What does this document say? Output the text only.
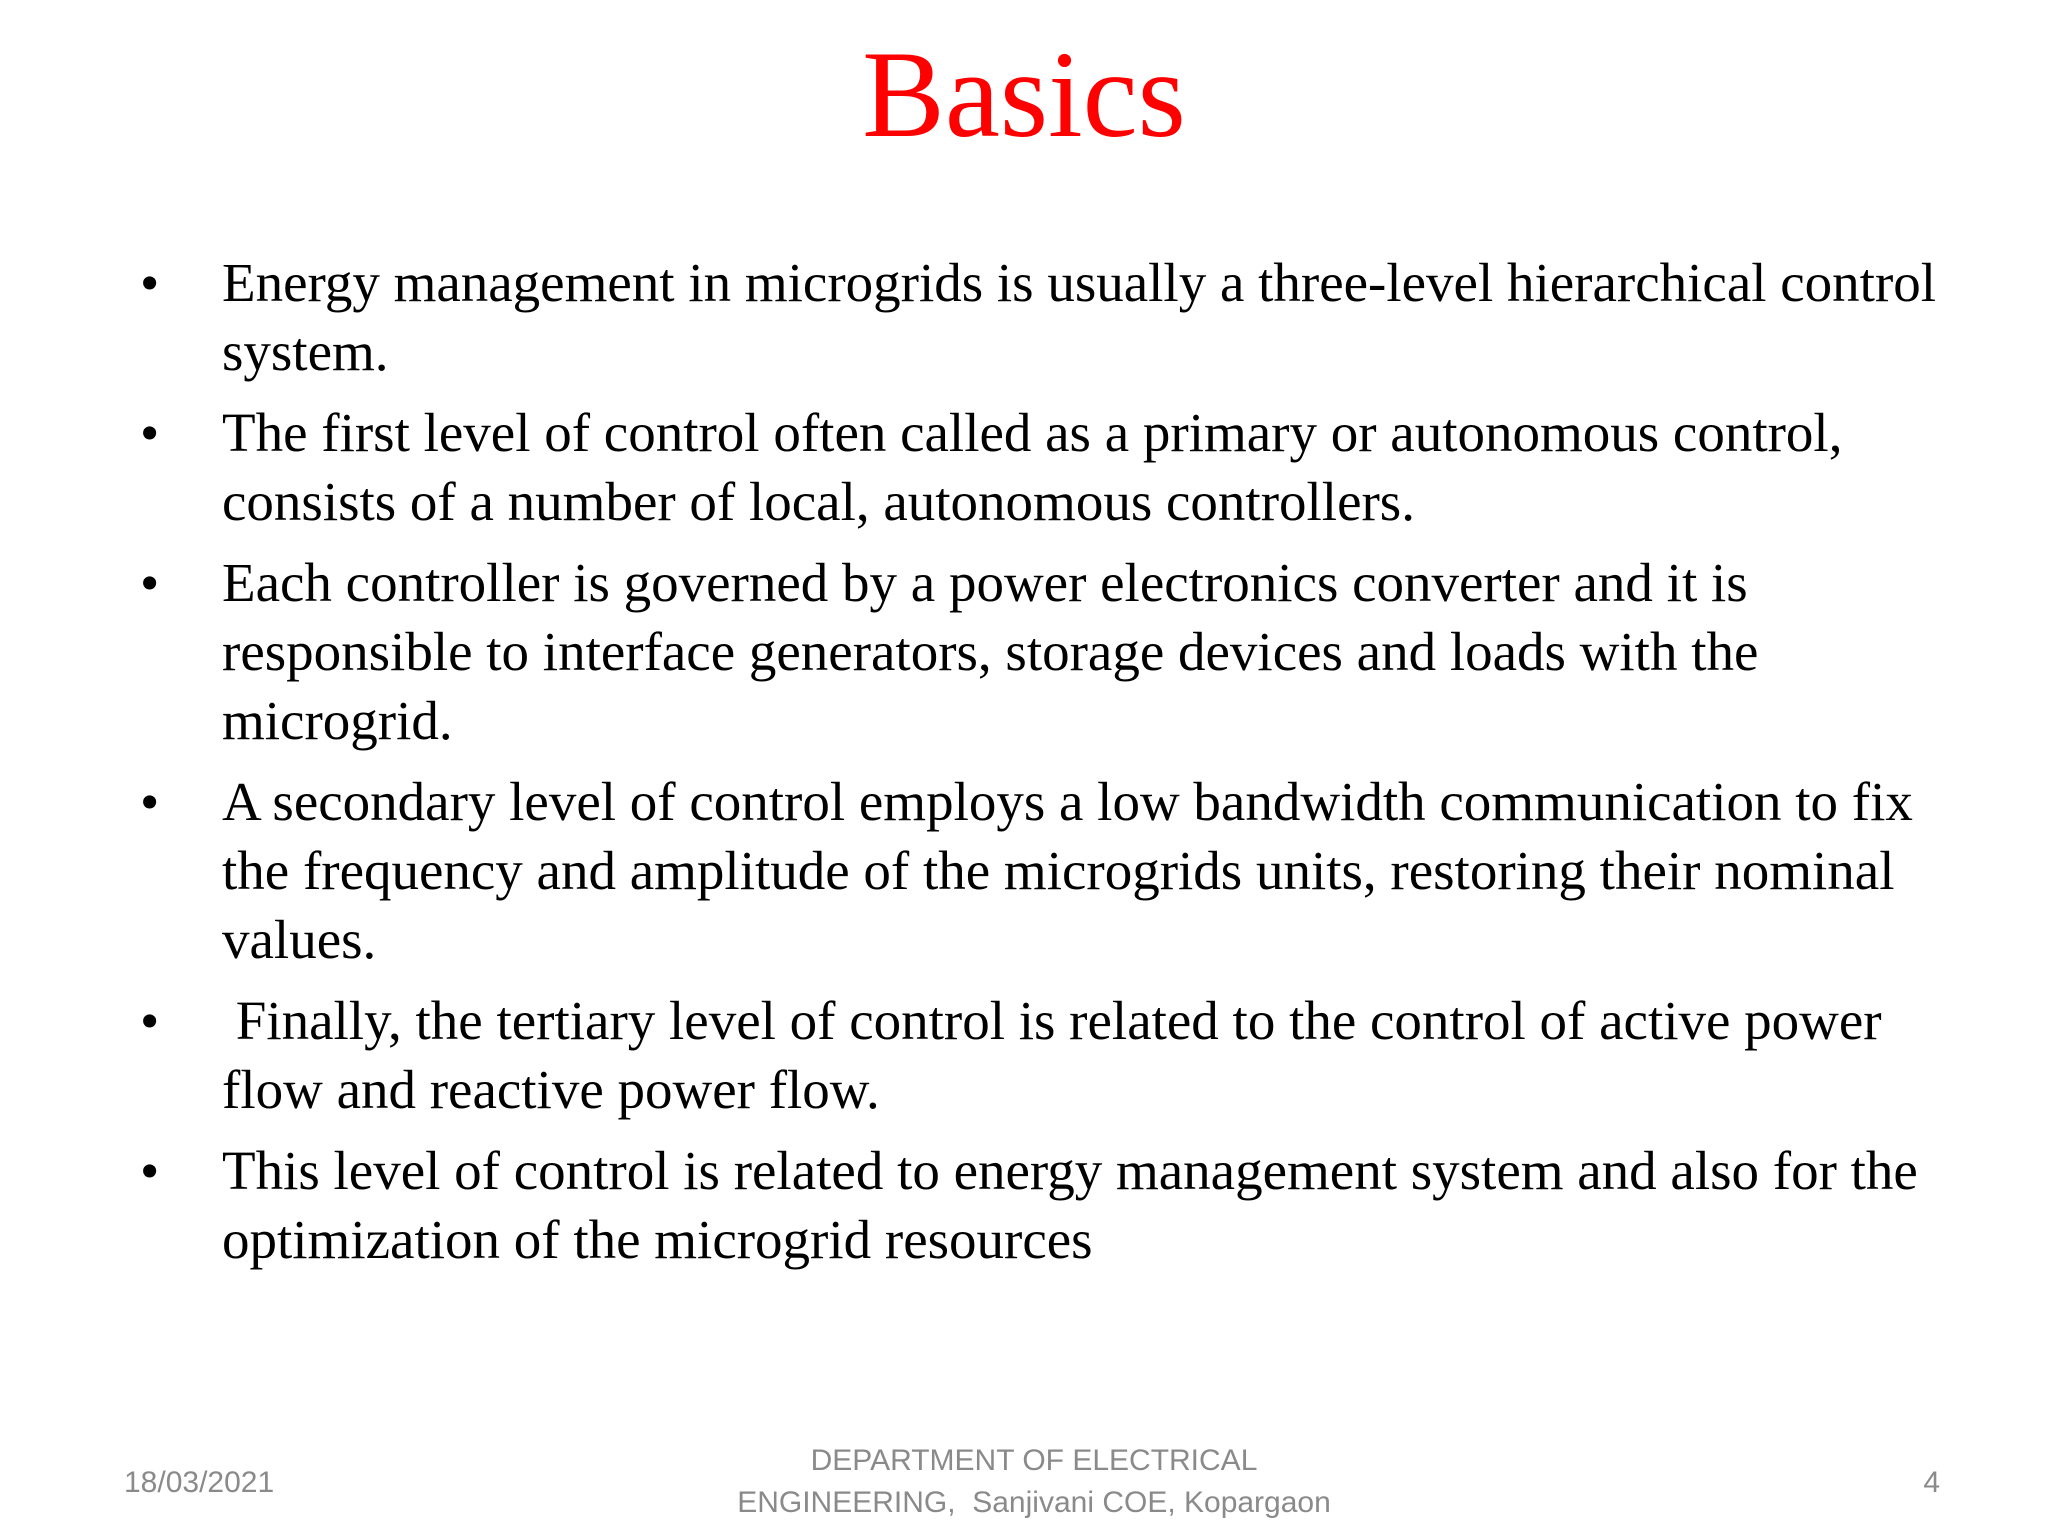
Basics
•	Energy management in microgrids is usually a three-level hierarchical control system.
•	The first level of control often called as a primary or autonomous control, consists of a number of local, autonomous controllers.
•	Each controller is governed by a power electronics converter and it is responsible to interface generators, storage devices and loads with the microgrid.
•	A secondary level of control employs a low bandwidth communication to fix the frequency and amplitude of the microgrids units, restoring their nominal values.
•	Finally, the tertiary level of control is related to the control of active power flow and reactive power flow.
•	This level of control is related to energy management system and also for the optimization of the microgrid resources
18/03/2021
DEPARTMENT OF ELECTRICAL
ENGINEERING,  Sanjivani COE, Kopargaon
4
